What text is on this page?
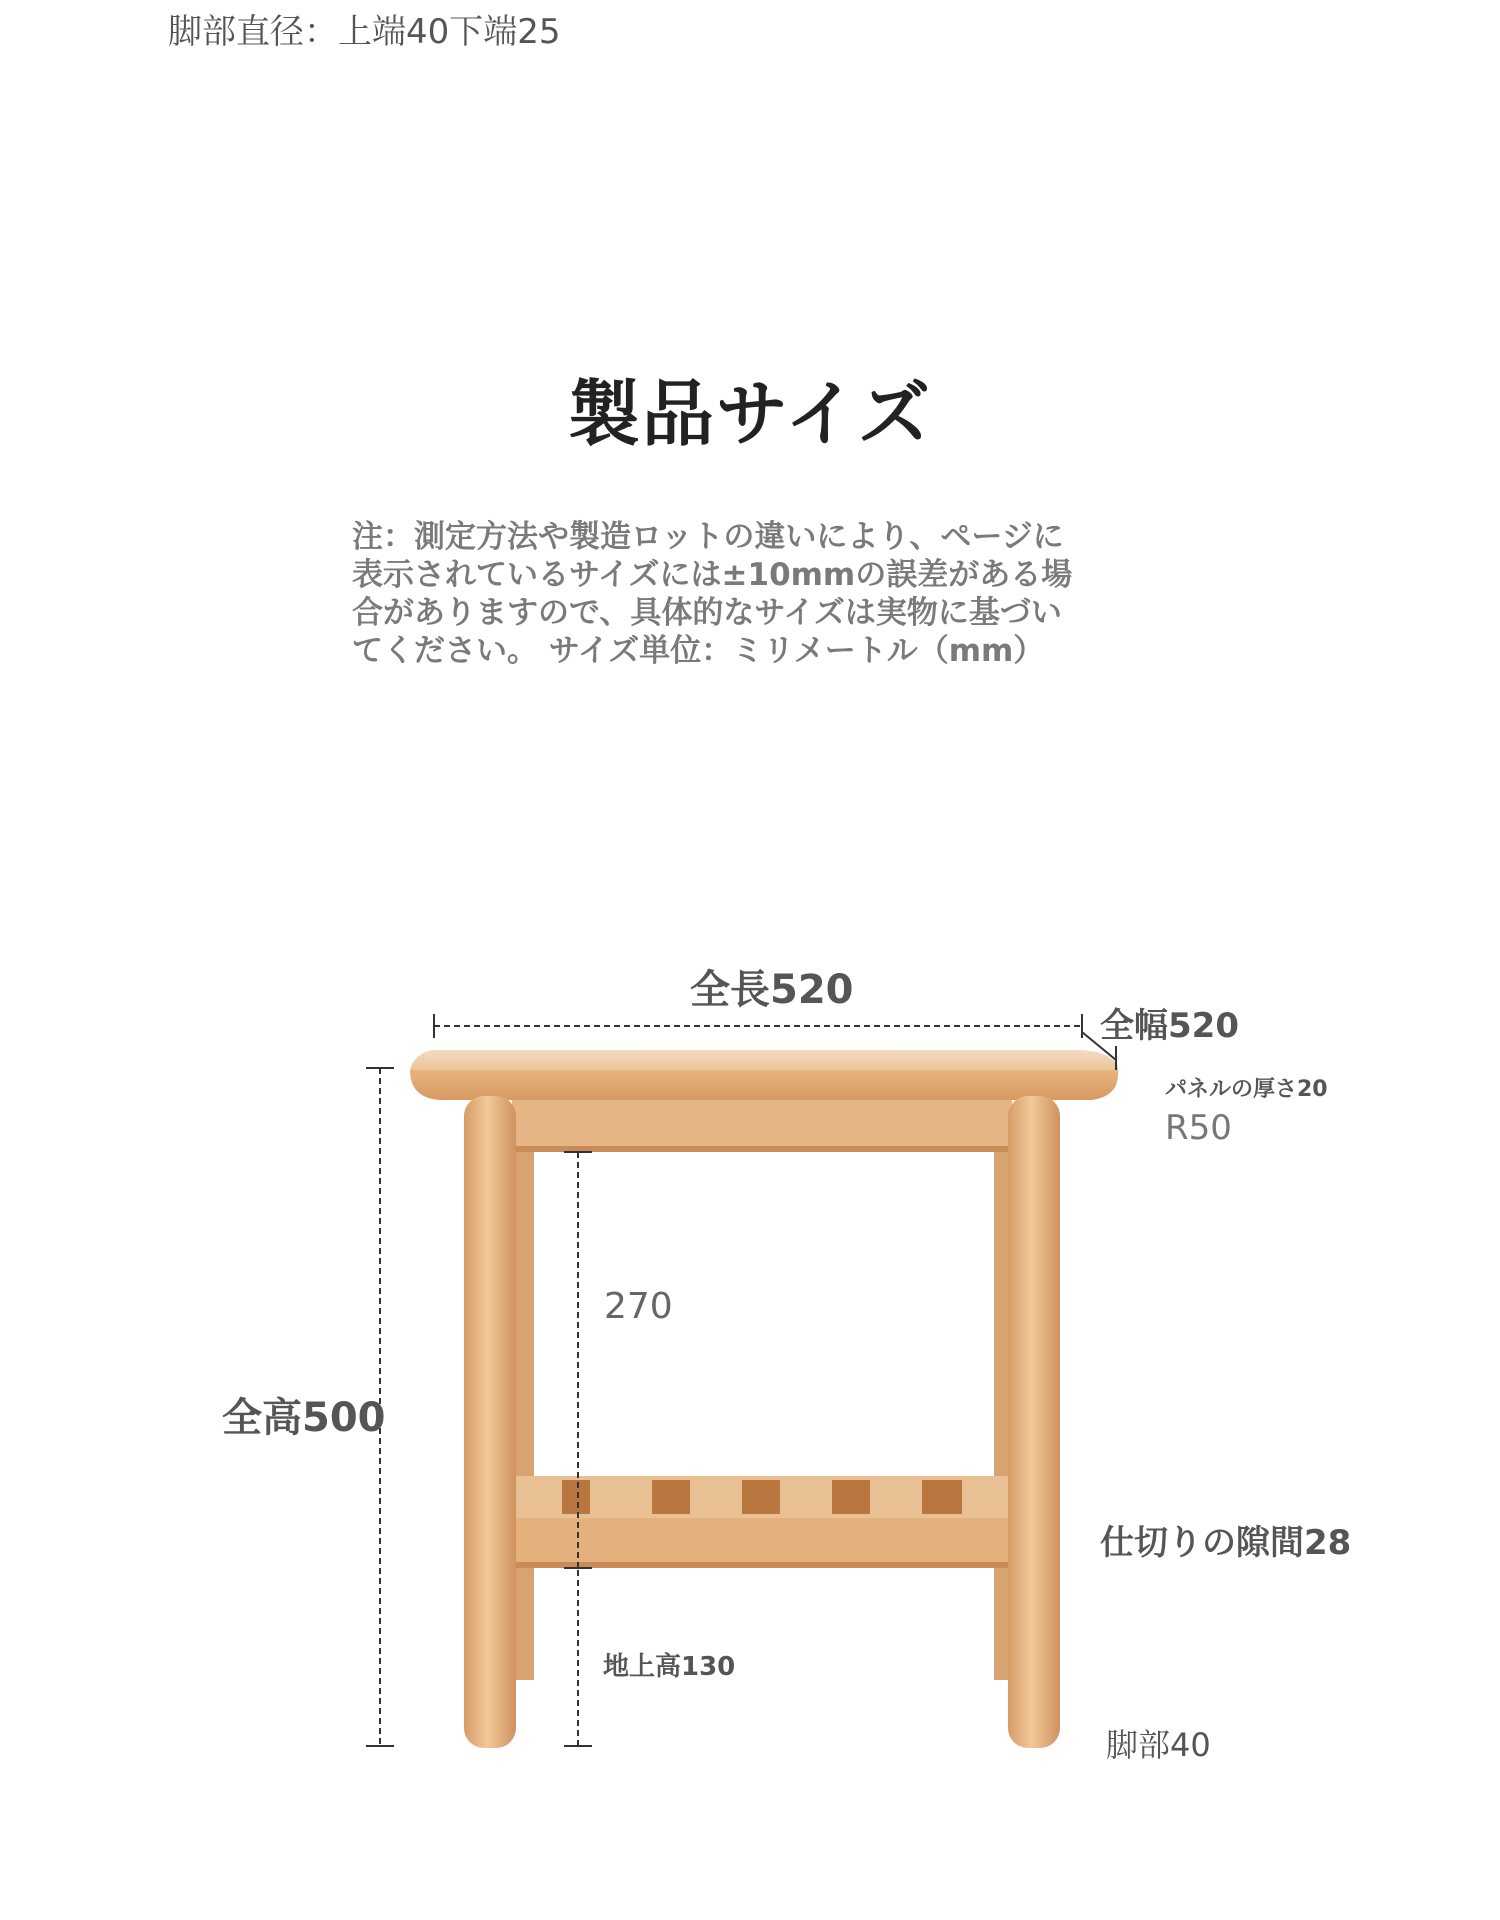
脚部直径：上端40下端25
製品サイズ
注：測定方法や製造ロットの違いにより、ページに
表示されているサイズには±10mmの誤差がある場
合がありますので、具体的なサイズは実物に基づい
てください。 サイズ単位：ミリメートル（mm）
全長520
全幅520
パネルの厚さ20
R50
270
全高500
仕切りの隙間28
地上高130
脚部40
